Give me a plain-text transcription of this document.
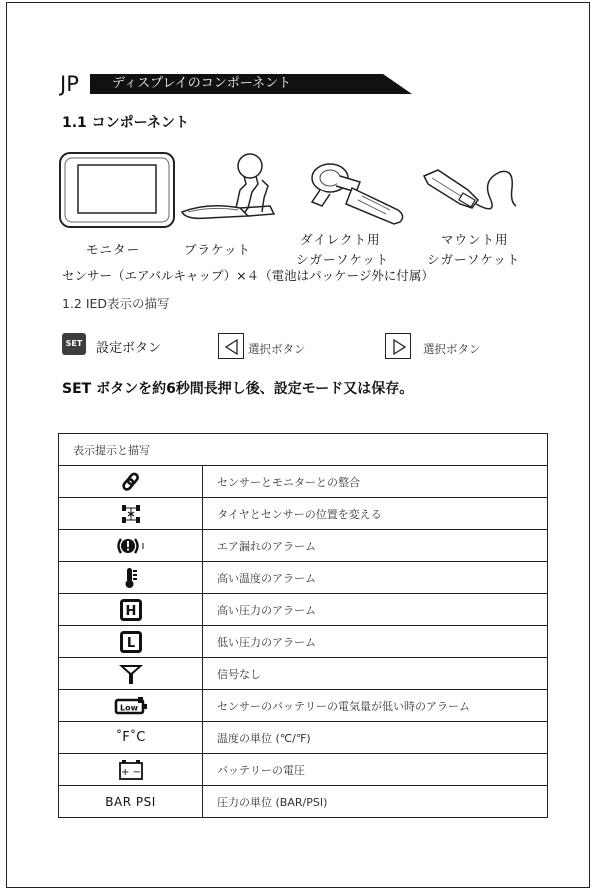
JP	ディスプレイのコンポーネント
1.1 コンポーネント
モニター	ブラケット
ダイレクト用
シガーソケット
マウント用
シガーソケット
センサー（エアバルキャップ）×４（電池はパッケージ外に付属）
1.2 IED表示の描写
SET 設定ボタン	選択ボタン	選択ボタン
SET ボタンを約6秒間長押し後、設定モード又は保存。
表示提示と描写	
	センサーとモニターとの整合
	タイヤとセンサーの位置を変える
	エア漏れのアラーム
	高い温度のアラーム

H	高い圧力のアラーム

L	低い圧力のアラーム
	信号なし

Low	センサーのバッテリーの電気量が低い時のアラーム
˚F˚C	温度の単位 (℃/℉)

+ −	バッテリーの電圧
BAR PSI	圧力の単位 (BAR/PSI)
